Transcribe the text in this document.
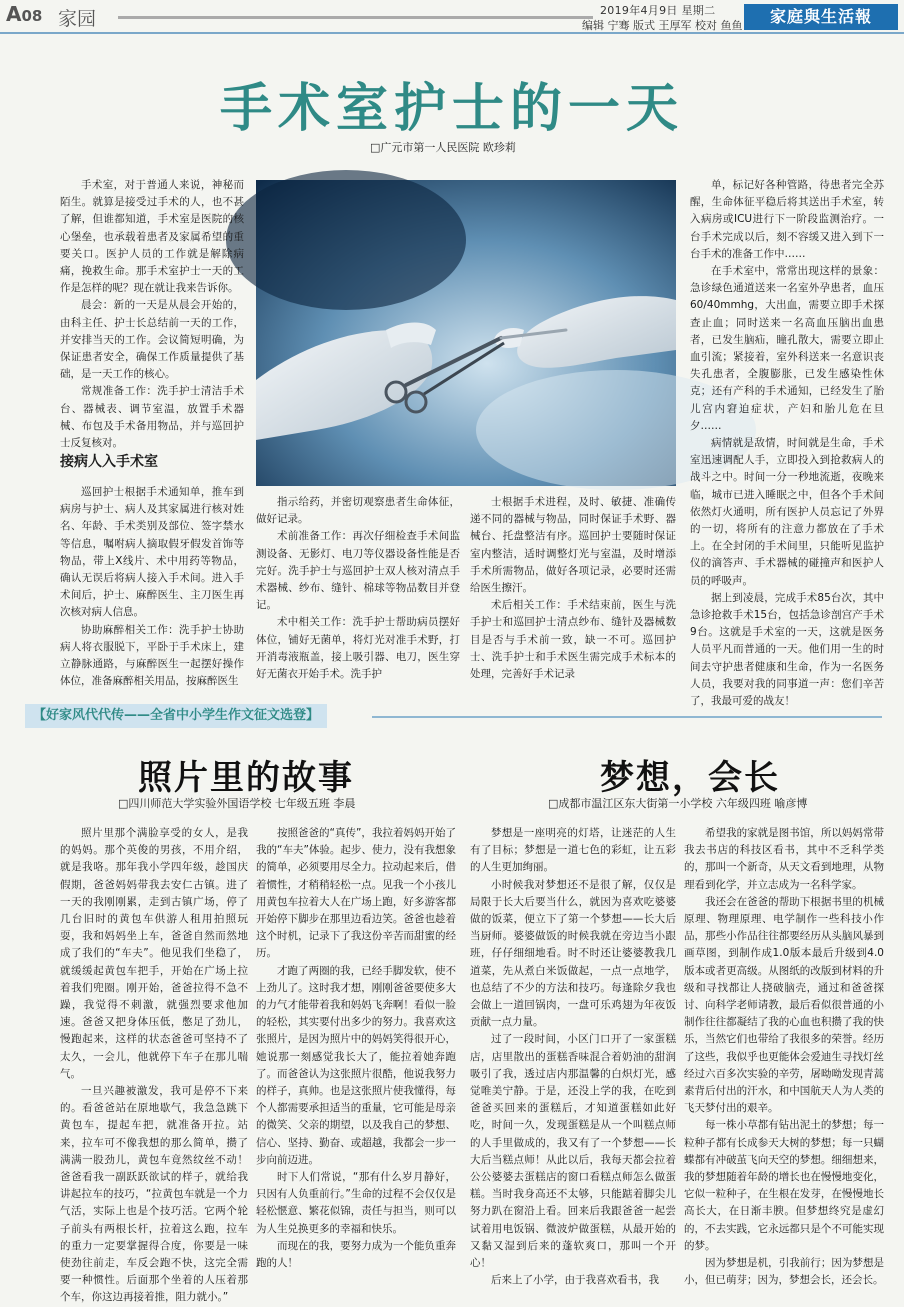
A08 家园	2019年4月9日 星期二
编辑 宁骞 版式 王厚军 校对 鱼鱼	家庭與生活報
手术室护士的一天
□广元市第一人民医院 欧珍莉

手术室，对于普通人来说，神秘而陌生。就算是接受过手术的人，也不甚了解，但谁都知道，手术室是医院的核心堡垒，也承载着患者及家属希望的重要关口。医护人员的工作就是解除病痛，挽救生命。那手术室护士一天的工作是怎样的呢？现在就让我来告诉你。

晨会：新的一天是从晨会开始的，由科主任、护士长总结前一天的工作，并安排当天的工作。会议简短明确，为保证患者安全，确保工作质量提供了基础，是一天工作的核心。

常规准备工作：洗手护士清洁手术台、器械表、调节室温，放置手术器械、布包及手术备用物品，并与巡回护士反复核对。

接病人入手术室

巡回护士根据手术通知单，推车到病房与护士、病人及其家属进行核对姓名、年龄、手术类别及部位、签字禁水等信息，嘱咐病人摘取假牙假发首饰等物品，带上X线片、术中用药等物品，确认无误后将病人接入手术间。进入手术间后，护士、麻醉医生、主刀医生再次核对病人信息。

协助麻醉相关工作：洗手护士协助病人将衣服脱下，平卧于手术床上，建立静脉通路，与麻醉医生一起摆好操作体位，准备麻醉相关用品，按麻醉医生

指示给药，并密切观察患者生命体征，做好记录。

术前准备工作：再次仔细检查手术间监测设备、无影灯、电刀等仪器设备性能是否完好。洗手护士与巡回护士双人核对清点手术器械、纱布、缝针、棉球等物品数目并登记。

术中相关工作：洗手护士帮助病员摆好体位，铺好无菌单，将灯光对准手术野，打开消毒液瓶盖，接上吸引器、电刀，医生穿好无菌衣开始手术。洗手护

士根据手术进程，及时、敏捷、准确传递不同的器械与物品，同时保证手术野、器械台、托盘整洁有序。巡回护士要随时保证室内整洁，适时调整灯光与室温，及时增添手术所需物品，做好各项记录，必要时还需给医生擦汗。

术后相关工作：手术结束前，医生与洗手护士和巡回护士清点纱布、缝针及器械数目是否与手术前一致，缺一不可。巡回护士、洗手护士和手术医生需完成手术标本的处理，完善好手术记录

单，标记好各种管路，待患者完全苏醒，生命体征平稳后将其送出手术室，转入病房或ICU进行下一阶段监测治疗。一台手术完成以后，刻不容缓又进入到下一台手术的准备工作中……

在手术室中，常常出现这样的景象：急诊绿色通道送来一名室外孕患者，血压60/40mmhg，大出血，需要立即手术探查止血；同时送来一名高血压脑出血患者，已发生脑疝，瞳孔散大，需要立即止血引流；紧接着，室外科送来一名意识丧失孔患者，全腹膨胀，已发生感染性休克；还有产科的手术通知，已经发生了胎儿宫内窘迫症状，产妇和胎儿危在旦夕……

病情就是敌情，时间就是生命，手术室迅速调配人手，立即投入到抢救病人的战斗之中。时间一分一秒地流逝，夜晚来临，城市已进入睡眠之中，但各个手术间依然灯火通明，所有医护人员忘记了外界的一切，将所有的注意力都放在了手术上。在全封闭的手术间里，只能听见监护仪的滴答声、手术器械的碰撞声和医护人员的呼吸声。

据上到凌晨，完成手术85台次，其中急诊抢救手术15台，包括急诊剖宫产手术9台。这就是手术室的一天，这就是医务人员平凡而普通的一天。他们用一生的时间去守护患者健康和生命，作为一名医务人员，我要对我的同事道一声：您们辛苦了，我最可爱的战友！

【好家风代代传——全省中小学生作文征文选登】
照片里的故事
□四川师范大学实验外国语学校 七年级五班 李晨

照片里那个满脸享受的女人，是我的妈妈。那个英俊的男孩，不用介绍，就是我咯。那年我小学四年级，趁国庆假期，爸爸妈妈带我去安仁古镇。进了一天的我刚刚累，走到古镇广场，停了几台旧时的黄包车供游人租用拍照玩耍，我和妈妈坐上车，爸爸自然而然地成了我们的“车夫”。他见我们坐稳了，就缓缓起黄包车把手，开始在广场上拉着我们兜圈。刚开始，爸爸拉得不急不躁，我觉得不刺激，就强烈要求他加速。爸爸又把身体压低，憋足了劲儿，慢跑起来，这样的状态爸爸可坚持不了太久，一会儿，他就停下车子在那儿喘气。

一旦兴趣被激发，我可是停不下来的。看爸爸站在原地歇气，我急急跳下黄包车，提起车把，就准备开拉。站来，拉车可不像我想的那么简单，攒了满满一股劲儿，黄包车竟然纹丝不动！爸爸看我一副跃跃欲试的样子，就给我讲起拉车的技巧，“拉黄包车就是一个力气活，实际上也是个技巧活。它两个轮子前头有两根长杆，拉着这么跑，拉车的重力一定要掌握得合度，你要是一味使劲往前走，车反会跑不快，这完全需要一种惯性。后面那个坐着的人压着那个车，你这边再接着推，阻力就小。”

按照爸爸的“真传”，我拉着妈妈开始了我的“车夫”体验。起步、使力，没有我想象的简单，必须要用尽全力。拉动起来后，借着惯性，才稍稍轻松一点。见我一个小孩儿用黄包车拉着大人在广场上跑，好多游客都开始停下脚步在那里边看边笑。爸爸也趁着这个时机，记录下了我这份辛苦而甜蜜的经历。

才跑了两圈的我，已经手脚发软，使不上劲儿了。这时我才想，刚刚爸爸要使多大的力气才能带着我和妈妈飞奔啊！看似一脸的轻松，其实要付出多少的努力。我喜欢这张照片，是因为照片中的妈妈笑得很开心，她说那一刻感觉我长大了，能拉着她奔跑了。而爸爸认为这张照片很酷，他说我努力的样子，真帅。也是这张照片使我懂得，每个人都需要承担适当的重量，它可能是母亲的微笑、父亲的期望，以及我自己的梦想、信心、坚持、勤奋、或超越，我都会一步一步向前迈进。

时下人们常说，“那有什么岁月静好，只因有人负重前行。”生命的过程不会仅仅是轻松惬意、繁花似锦，责任与担当，则可以为人生兑换更多的幸福和快乐。

而现在的我，要努力成为一个能负重奔跑的人！

梦想，会长
□成都市温江区东大街第一小学校 六年级四班 喻彦博

梦想是一座明亮的灯塔，让迷茫的人生有了目标；梦想是一道七色的彩虹，让五彩的人生更加绚丽。

小时候我对梦想还不是很了解，仅仅是局限于长大后要当什么，就因为喜欢吃婆婆做的饭菜，便立下了第一个梦想——长大后当厨师。婆婆做饭的时候我就在旁边当小跟班，仔仔细细地看。时不时还让婆婆教我几道菜，先从煮白米饭做起，一点一点地学，也总结了不少的方法和技巧。每逢除夕我也会做上一道回锅肉，一盘可乐鸡翅为年夜饭贡献一点力量。

过了一段时间，小区门口开了一家蛋糕店，店里散出的蛋糕香味混合着奶油的甜润吸引了我，透过店内那温馨的白炽灯光，感觉唯美宁静。于是，还没上学的我，在吃到爸爸买回来的蛋糕后，才知道蛋糕如此好吃，时间一久，发现蛋糕是从一个叫糕点师的人手里做成的，我又有了一个梦想——长大后当糕点师！从此以后，我每天都会拉着公公婆婆去蛋糕店的窗口看糕点师怎么做蛋糕。当时我身高还不太够，只能踮着脚尖儿努力趴在窗沿上看。回来后我跟爸爸一起尝试着用电饭锅、微波炉做蛋糕，从最开始的又黏又湿到后来的蓬软爽口，那叫一个开心！

后来上了小学，由于我喜欢看书，我

希望我的家就是图书馆，所以妈妈常带我去书店的科技区看书，其中不乏科学类的，那叫一个新奇，从天文看到地理，从物理看到化学，并立志成为一名科学家。

我还会在爸爸的帮助下根据书里的机械原理、物理原理、电学制作一些科技小作品，那些小作品往往都要经历从头脑风暴到画草图，到制作成1.0版本最后升级到4.0版本或者更高级。从图纸的改版到材料的升级和寻找都让人挠破脑壳，通过和爸爸探讨、向科学老师请教，最后看似很普通的小制作往往都凝结了我的心血也积攒了我的快乐，当然它们也带给了我很多的荣誉。经历了这些，我似乎也更能体会爱迪生寻找灯丝经过六百多次实验的辛劳，屠呦呦发现青蒿素背后付出的汗水，和中国航天人为人类的飞天梦付出的艰辛。

每一株小草都有钻出泥土的梦想；每一粒种子都有长成参天大树的梦想；每一只蝴蝶都有冲破茧飞向天空的梦想。细细想来，我的梦想随着年龄的增长也在慢慢地变化，它似一粒种子，在生根在发芽，在慢慢地长高长大，在日渐丰腴。但梦想终究是虚幻的，不去实践，它永远都只是个不可能实现的梦。

因为梦想是机，引我前行；因为梦想是小，但已萌芽；因为，梦想会长，还会长。
